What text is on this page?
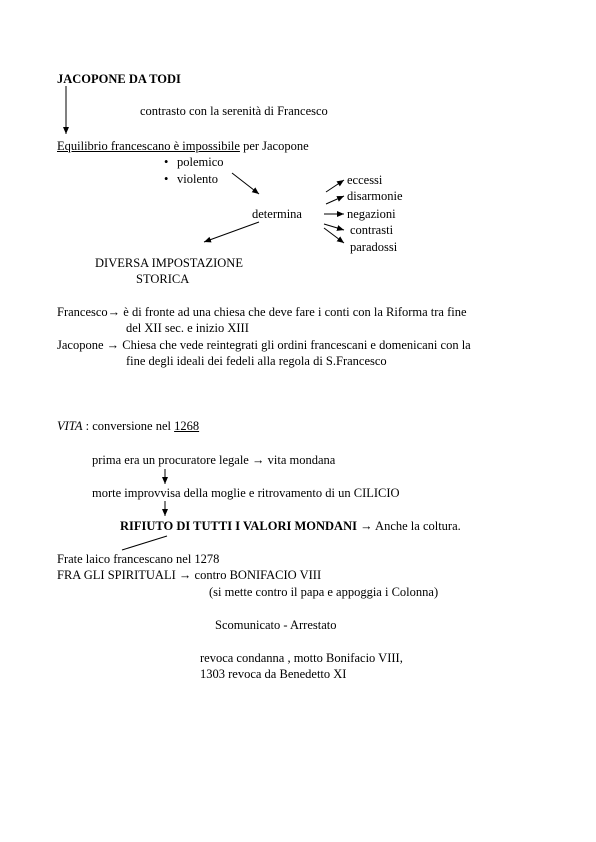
JACOPONE DA TODI
contrasto con la serenità di Francesco
Equilibrio francescano è impossibile per Jacopone
• polemico
• violento
determina
eccessi
disarmonie
negazioni
contrasti
paradossi
DIVERSA IMPOSTAZIONE
STORICA
Francesco→ è di fronte ad una chiesa che deve fare i conti con la Riforma tra fine
del XII sec. e inizio XIII
Jacopone → Chiesa che vede reintegrati gli ordini francescani e domenicani con la
fine degli ideali dei fedeli alla regola di S.Francesco
VITA : conversione nel 1268
prima era un procuratore legale → vita mondana
morte improvvisa della moglie e ritrovamento di un CILICIO
RIFIUTO DI TUTTI I VALORI MONDANI → Anche la coltura.
Frate laico francescano nel 1278
FRA GLI SPIRITUALI → contro BONIFACIO VIII
(si mette contro il papa e appoggia i Colonna)
Scomunicato - Arrestato
revoca condanna , motto Bonifacio VIII,
1303 revoca da Benedetto XI
